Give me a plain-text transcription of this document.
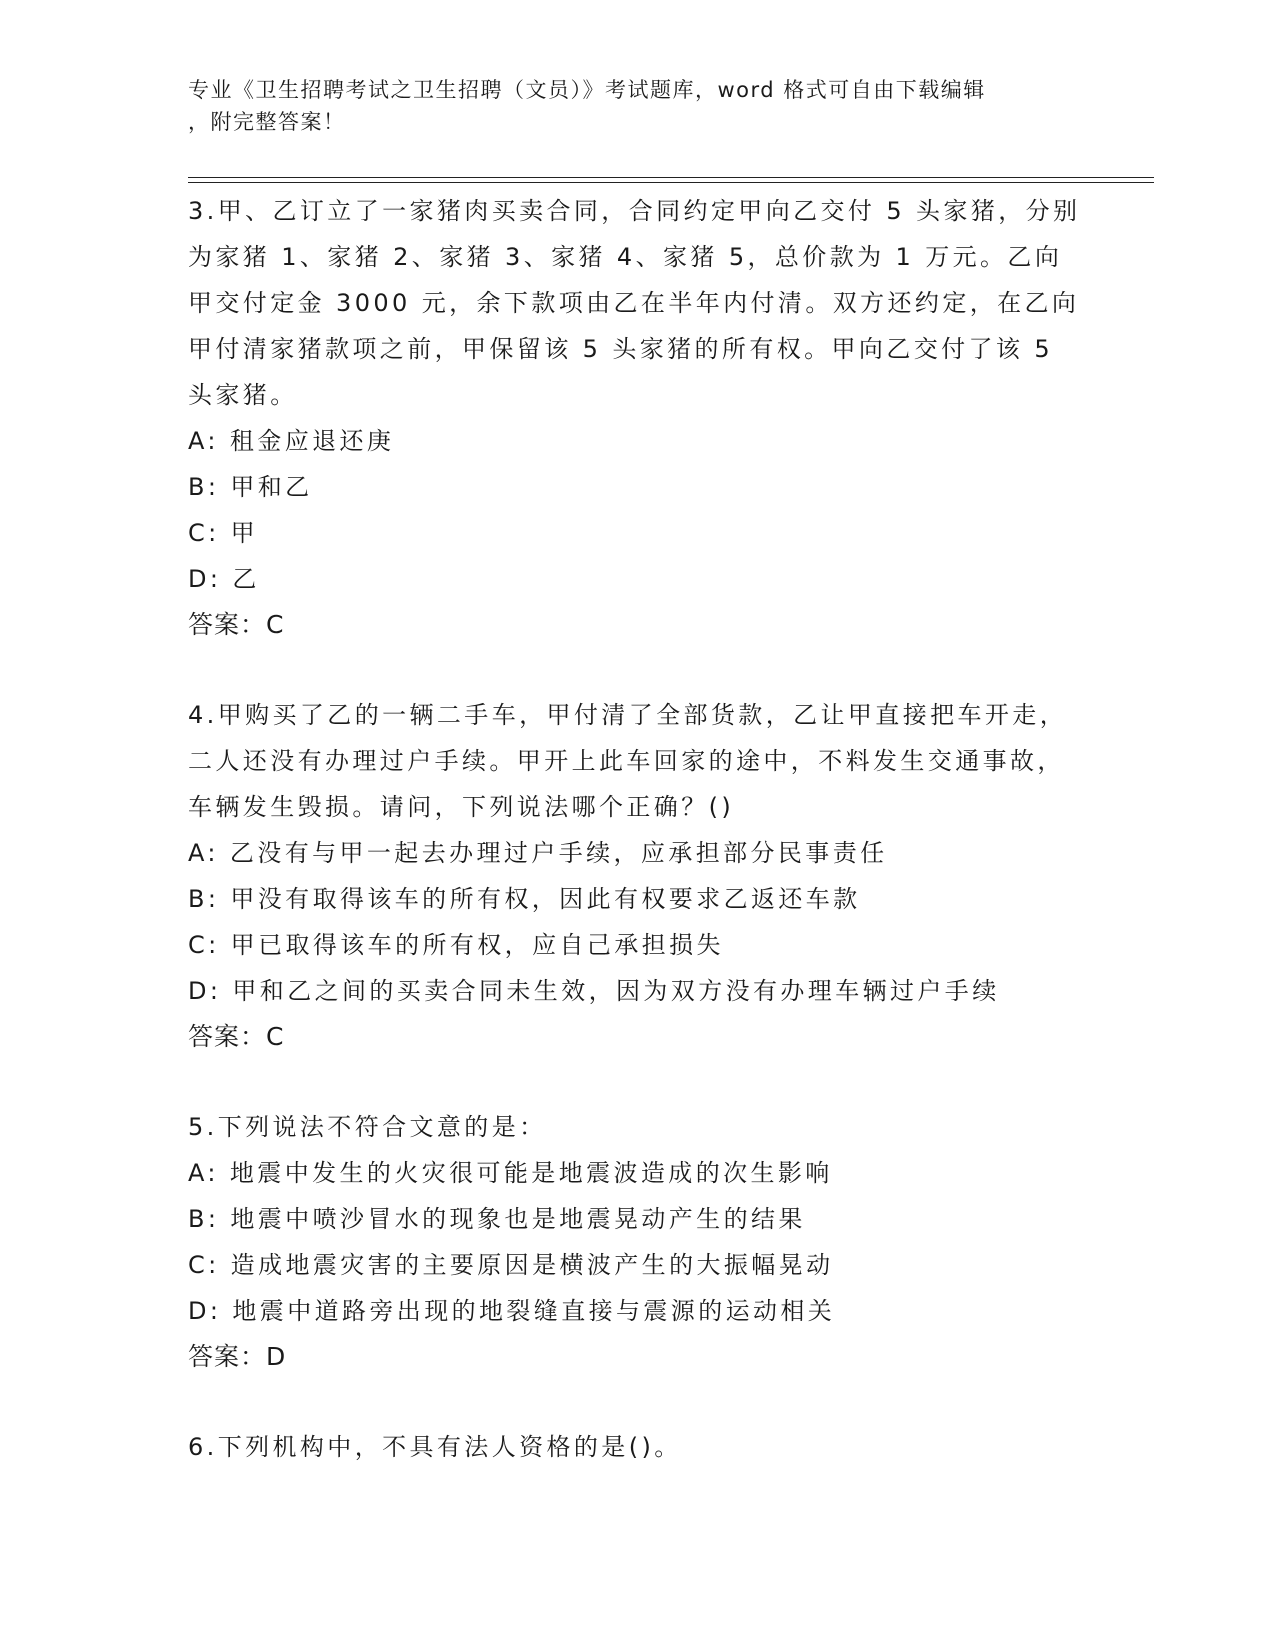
专业《卫生招聘考试之卫生招聘（文员）》考试题库，word 格式可自由下载编辑
，附完整答案！
3.甲、乙订立了一家猪肉买卖合同，合同约定甲向乙交付 5 头家猪，分别为家猪 1、家猪 2、家猪 3、家猪 4、家猪 5，总价款为 1 万元。乙向甲交付定金 3000 元，余下款项由乙在半年内付清。双方还约定，在乙向甲付清家猪款项之前，甲保留该 5 头家猪的所有权。甲向乙交付了该 5 头家猪。
A: 租金应退还庚
B: 甲和乙
C: 甲
D: 乙
答案：C
4.甲购买了乙的一辆二手车，甲付清了全部货款，乙让甲直接把车开走，二人还没有办理过户手续。甲开上此车回家的途中，不料发生交通事故，车辆发生毁损。请问，下列说法哪个正确？()
A: 乙没有与甲一起去办理过户手续，应承担部分民事责任
B: 甲没有取得该车的所有权，因此有权要求乙返还车款
C: 甲已取得该车的所有权，应自己承担损失
D: 甲和乙之间的买卖合同未生效，因为双方没有办理车辆过户手续
答案：C
5.下列说法不符合文意的是：
A: 地震中发生的火灾很可能是地震波造成的次生影响
B: 地震中喷沙冒水的现象也是地震晃动产生的结果
C: 造成地震灾害的主要原因是横波产生的大振幅晃动
D: 地震中道路旁出现的地裂缝直接与震源的运动相关
答案：D
6.下列机构中，不具有法人资格的是()。
